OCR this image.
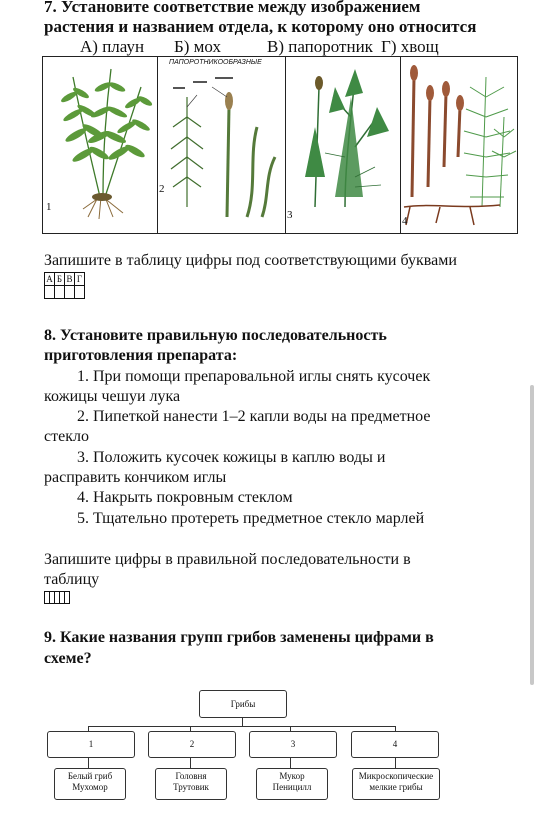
7. Установите соответствие между изображением
растения и названием отдела, к которому оно относится
А) плаун Б) мох	В) папоротник Г) хвощ
1
ПАПОРОТНИКООБРАЗНЫЕ
2
3	4
Запишите в таблицу цифры под соответствующими буквами
А	Б	В	Г

8. Установите правильную последовательность
приготовления препарата:
1. При помощи препаровальной иглы снять кусочек
кожицы чешуи лука
2. Пипеткой нанести 1–2 капли воды на предметное
стекло
3. Положить кусочек кожицы в каплю воды и
расправить кончиком иглы
4. Накрыть покровным стеклом
5. Тщательно протереть предметное стекло марлей
Запишите цифры в правильной последовательности в
таблицу

9. Какие названия групп грибов заменены цифрами в
схеме?
Грибы
1	2	3	4
Белый гриб
Мухомор
Головня
Трутовик
Мукор
Пеницилл
Микроскопические
мелкие грибы
